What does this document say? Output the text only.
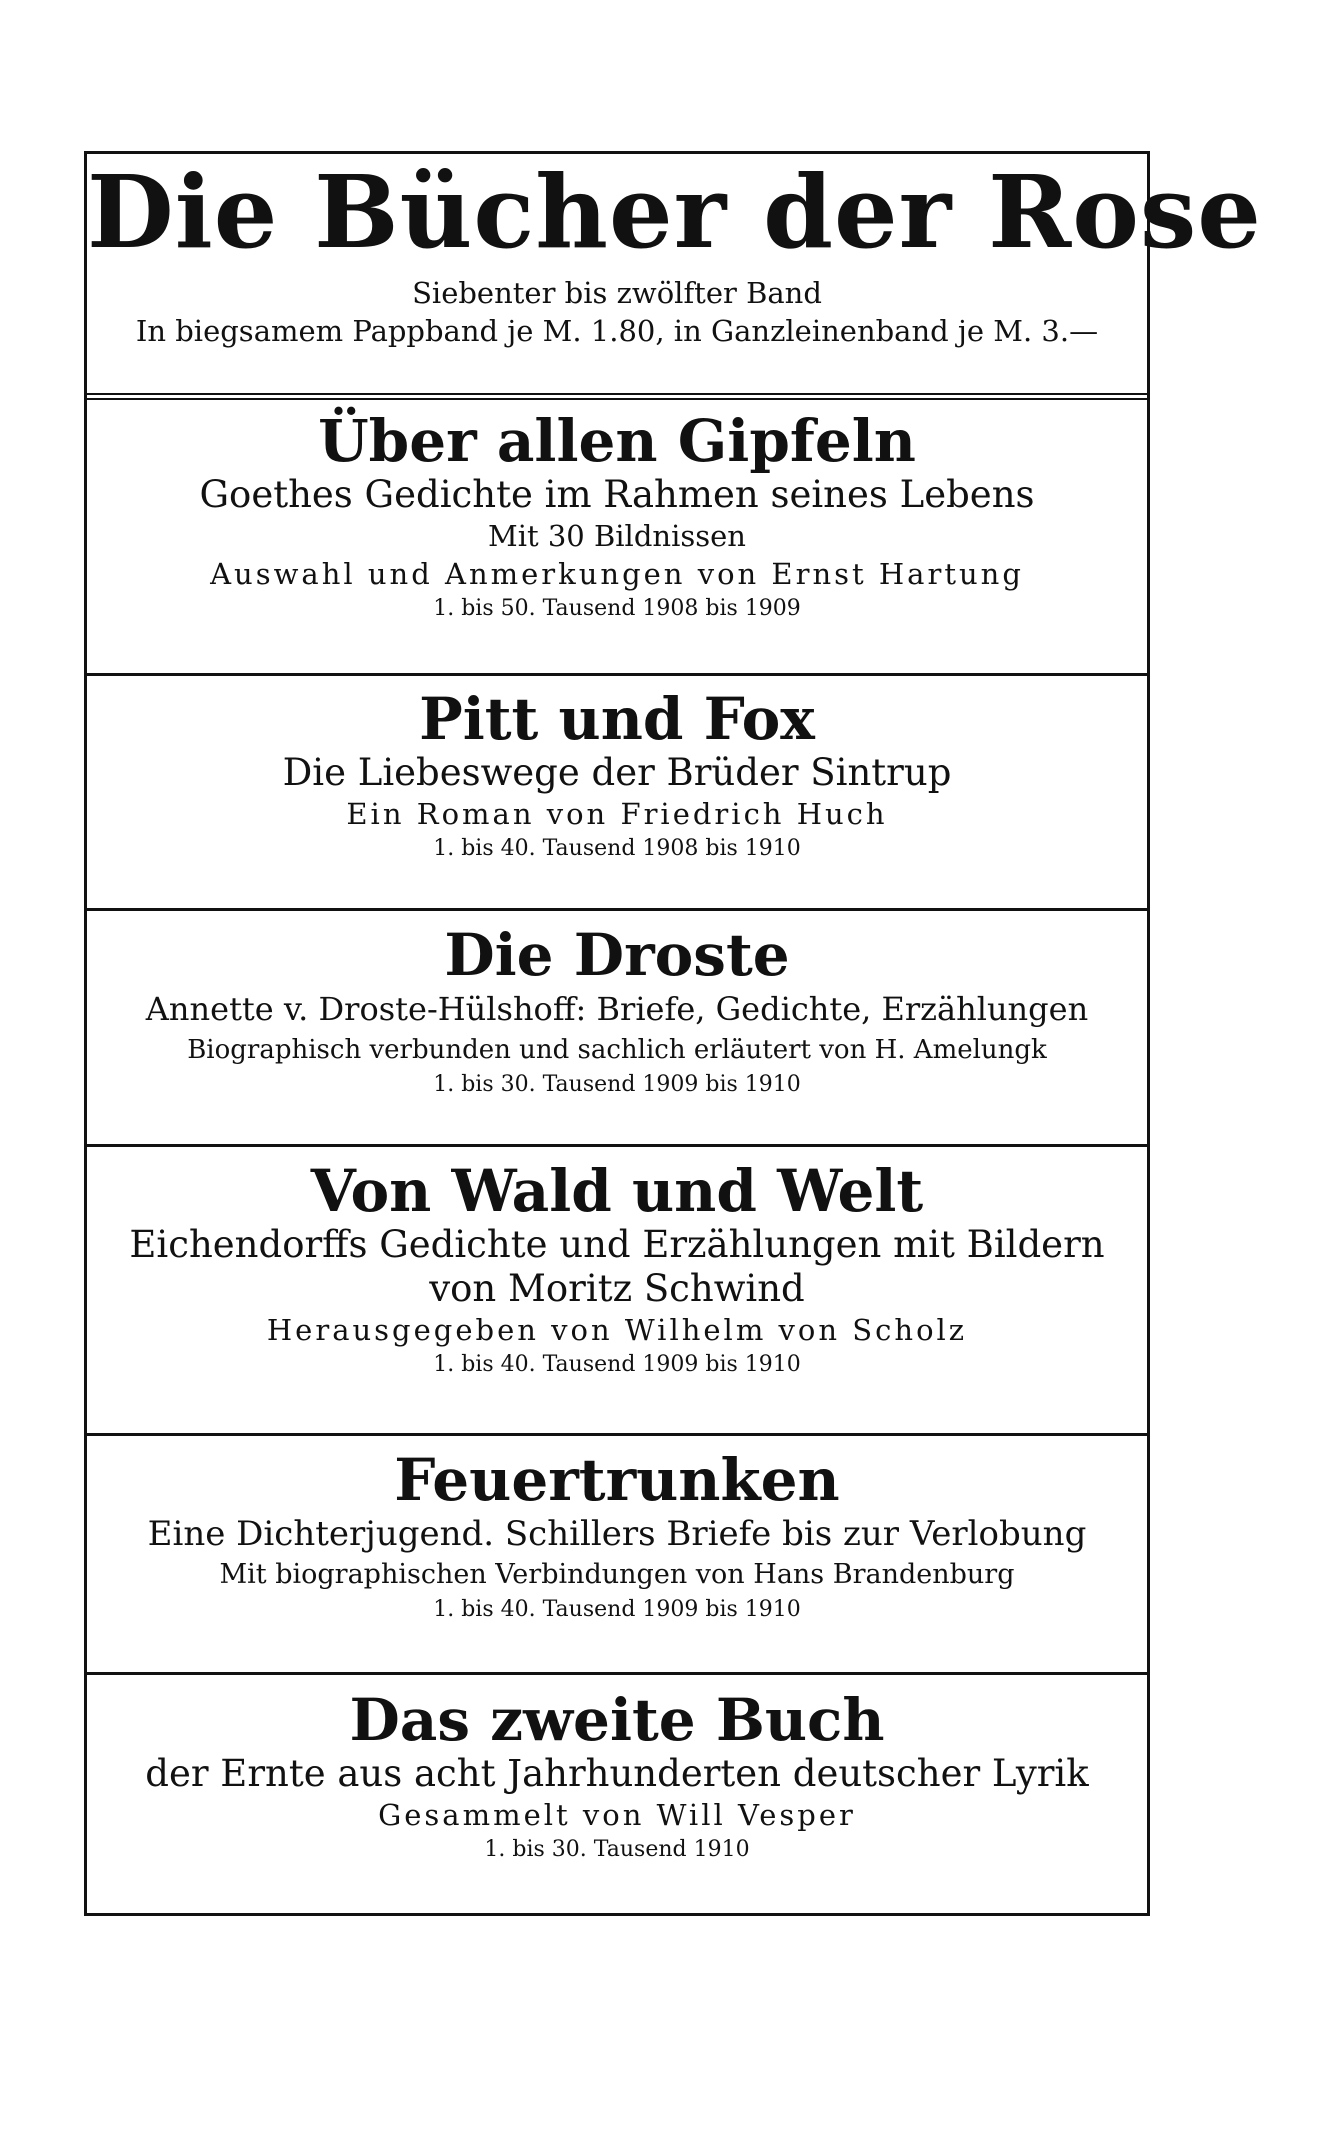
Die Bücher der Rose
Siebenter bis zwölfter Band
In biegsamem Pappband je M. 1.80, in Ganzleinenband je M. 3.—
Über allen Gipfeln
Goethes Gedichte im Rahmen seines Lebens
Mit 30 Bildnissen
Auswahl und Anmerkungen von Ernst Hartung
1. bis 50. Tausend 1908 bis 1909
Pitt und Fox
Die Liebeswege der Brüder Sintrup
Ein Roman von Friedrich Huch
1. bis 40. Tausend 1908 bis 1910
Die Droste
Annette v. Droste-Hülshoff: Briefe, Gedichte, Erzählungen
Biographisch verbunden und sachlich erläutert von H. Amelungk
1. bis 30. Tausend 1909 bis 1910
Von Wald und Welt
Eichendorffs Gedichte und Erzählungen mit Bildern
von Moritz Schwind
Herausgegeben von Wilhelm von Scholz
1. bis 40. Tausend 1909 bis 1910
Feuertrunken
Eine Dichterjugend. Schillers Briefe bis zur Verlobung
Mit biographischen Verbindungen von Hans Brandenburg
1. bis 40. Tausend 1909 bis 1910
Das zweite Buch
der Ernte aus acht Jahrhunderten deutscher Lyrik
Gesammelt von Will Vesper
1. bis 30. Tausend 1910
